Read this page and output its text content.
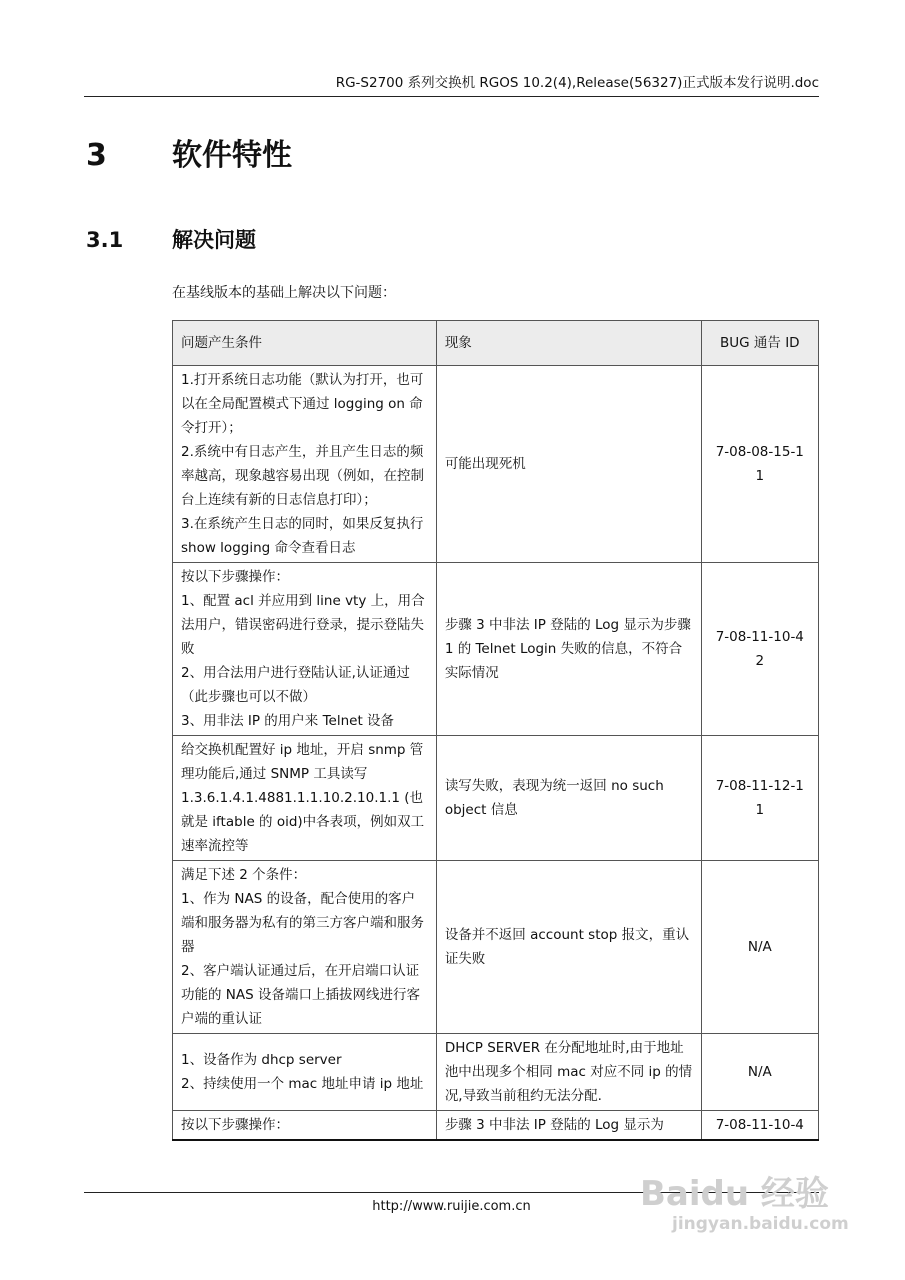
RG-S2700 系列交换机 RGOS 10.2(4),Release(56327)正式版本发行说明.doc
3 软件特性
3.1 解决问题
在基线版本的基础上解决以下问题：
问题产生条件	现象	BUG 通告 ID

1.打开系统日志功能（默认为打开，也可以在全局配置模式下通过 logging on 命令打开）；

2.系统中有日志产生，并且产生日志的频率越高，现象越容易出现（例如，在控制台上连续有新的日志信息打印）；

3.在系统产生日志的同时，如果反复执行 show logging 命令查看日志	可能出现死机	7-08-08-15-1 1

按以下步骤操作：

1、配置 acl 并应用到 line vty 上，用合法用户，错误密码进行登录，提示登陆失败

2、用合法用户进行登陆认证,认证通过（此步骤也可以不做）

3、用非法 IP 的用户来 Telnet 设备	步骤 3 中非法 IP 登陆的 Log 显示为步骤 1 的 Telnet Login 失败的信息，不符合实际情况	7-08-11-10-4 2

给交换机配置好 ip 地址，开启 snmp 管理功能后,通过 SNMP 工具读写 1.3.6.1.4.1.4881.1.1.10.2.10.1.1 (也就是 iftable 的 oid)中各表项，例如双工速率流控等	读写失败，表现为统一返回 no such object 信息	7-08-11-12-1 1

满足下述 2 个条件：

1、作为 NAS 的设备，配合使用的客户端和服务器为私有的第三方客户端和服务器

2、客户端认证通过后，在开启端口认证功能的 NAS 设备端口上插拔网线进行客户端的重认证	设备并不返回 account stop 报文，重认证失败	N/A

1、设备作为 dhcp server

2、持续使用一个 mac 地址申请 ip 地址	DHCP SERVER 在分配地址时,由于地址池中出现多个相同 mac 对应不同 ip 的情况,导致当前租约无法分配.	N/A

按以下步骤操作：	步骤 3 中非法 IP 登陆的 Log 显示为	7-08-11-10-4
http://www.ruijie.com.cn	Baidu 经验
jingyan.baidu.com
